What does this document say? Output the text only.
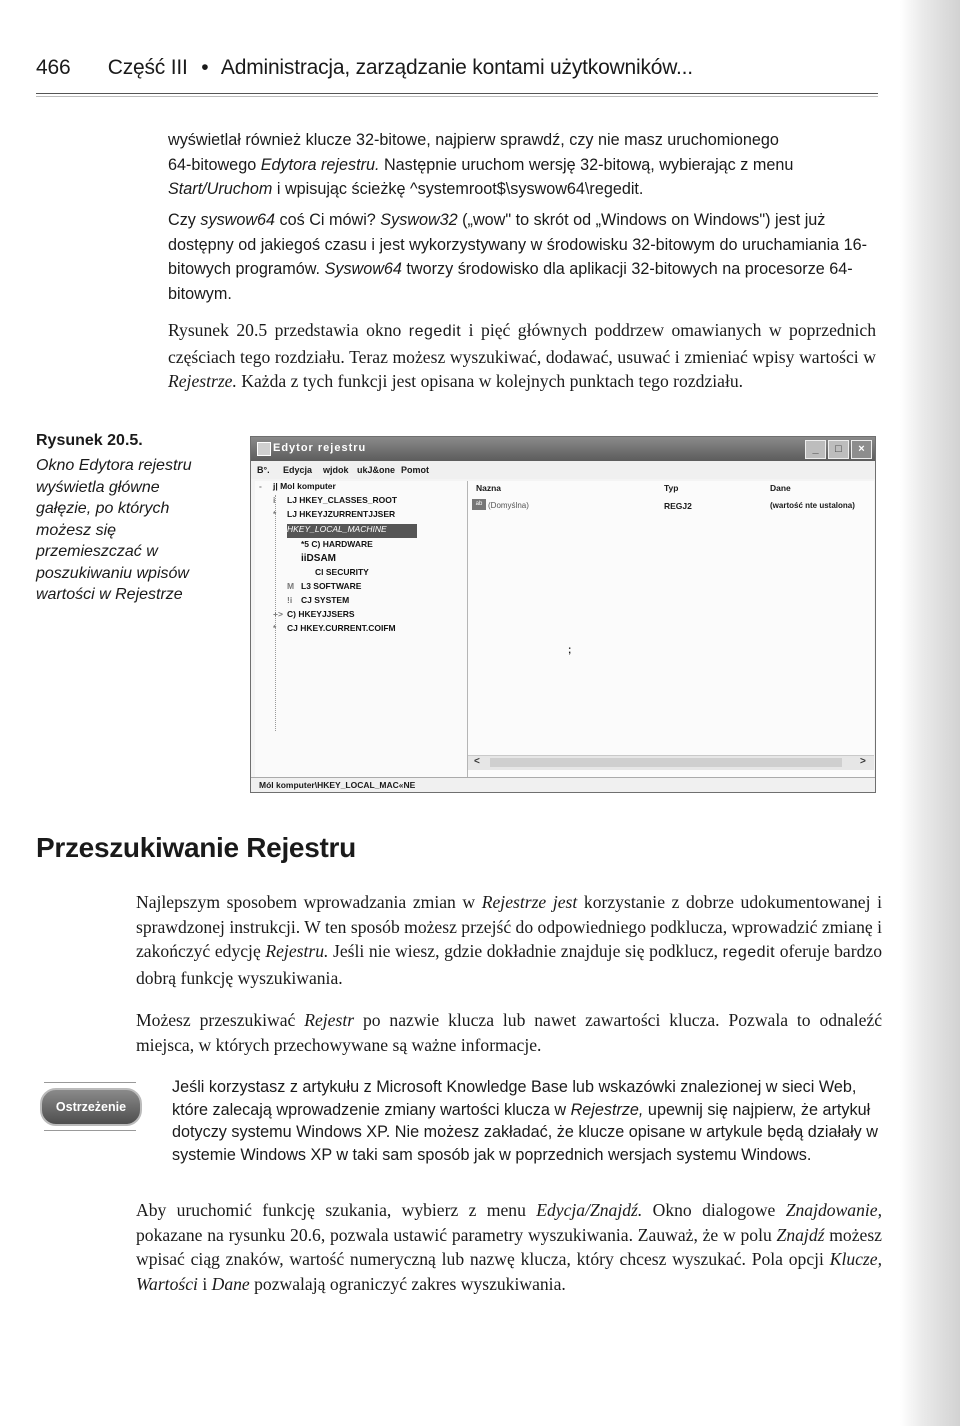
466 Część III • Administracja, zarządzanie kontami użytkowników...
wyświetlał również klucze 32-bitowe, najpierw sprawdź, czy nie masz uruchomionego
64-bitowego Edytora rejestru. Następnie uruchom wersję 32-bitową, wybierając z menu
Start/Uruchom i wpisując ścieżkę ^systemroot$\syswow64\regedit.

Czy syswow64 coś Ci mówi? Syswow32 („wow" to skrót od „Windows on Windows") jest już dostępny od jakiegoś czasu i jest wykorzystywany w środowisku 32-bitowym do uruchamiania 16-bitowych programów. Syswow64 tworzy środowisko dla aplikacji 32-bitowych na procesorze 64-bitowym.

Rysunek 20.5 przedstawia okno regedit i pięć głównych poddrzew omawianych w poprzednich częściach tego rozdziału. Teraz możesz wyszukiwać, dodawać, usuwać i zmieniać wpisy wartości w Rejestrze. Każda z tych funkcji jest opisana w kolejnych punktach tego rozdziału.

Rysunek 20.5.
Okno Edytora rejestru wyświetla główne gałęzie, po których możesz się przemieszczać w poszukiwaniu wpisów wartości w Rejestrze
Edytor rejestru	_	□	×
B°. Edycja wjdok ukJ&one Pomot
- j| Mol komputer
i LJ HKEY_CLASSES_ROOT
* LJ HKEYJZURRENTJJSER
HKEY_LOCAL_MACHINE
*5 C) HARDWARE
iiDSAM
Cl SECURITY
M L3 SOFTWARE
!i CJ SYSTEM
+> C) HKEYJJSERS
* CJ HKEY.CURRENT.COIFM
Nazna	Typ	Dane
ab (Domyślna)	REGJ2	(wartość nte ustalona)
;
<	>
Mól komputer\HKEY_LOCAL_MAC«NE
Przeszukiwanie Rejestru

Najlepszym sposobem wprowadzania zmian w Rejestrze jest korzystanie z dobrze udokumentowanej i sprawdzonej instrukcji. W ten sposób możesz przejść do odpowiedniego podklucza, wprowadzić zmianę i zakończyć edycję Rejestru. Jeśli nie wiesz, gdzie dokładnie znajduje się podklucz, regedit oferuje bardzo dobrą funkcję wyszukiwania.

Możesz przeszukiwać Rejestr po nazwie klucza lub nawet zawartości klucza. Pozwala to odnaleźć miejsca, w których przechowywane są ważne informacje.

Ostrzeżenie

Jeśli korzystasz z artykułu z Microsoft Knowledge Base lub wskazówki znalezionej w sieci Web, które zalecają wprowadzenie zmiany wartości klucza w Rejestrze, upewnij się najpierw, że artykuł dotyczy systemu Windows XP. Nie możesz zakładać, że klucze opisane w artykule będą działały w systemie Windows XP w taki sam sposób jak w poprzednich wersjach systemu Windows.

Aby uruchomić funkcję szukania, wybierz z menu Edycja/Znajdź. Okno dialogowe Znajdowanie, pokazane na rysunku 20.6, pozwala ustawić parametry wyszukiwania. Zauważ, że w polu Znajdź możesz wpisać ciąg znaków, wartość numeryczną lub nazwę klucza, który chcesz wyszukać. Pola opcji Klucze, Wartości i Dane pozwalają ograniczyć zakres wyszukiwania.
